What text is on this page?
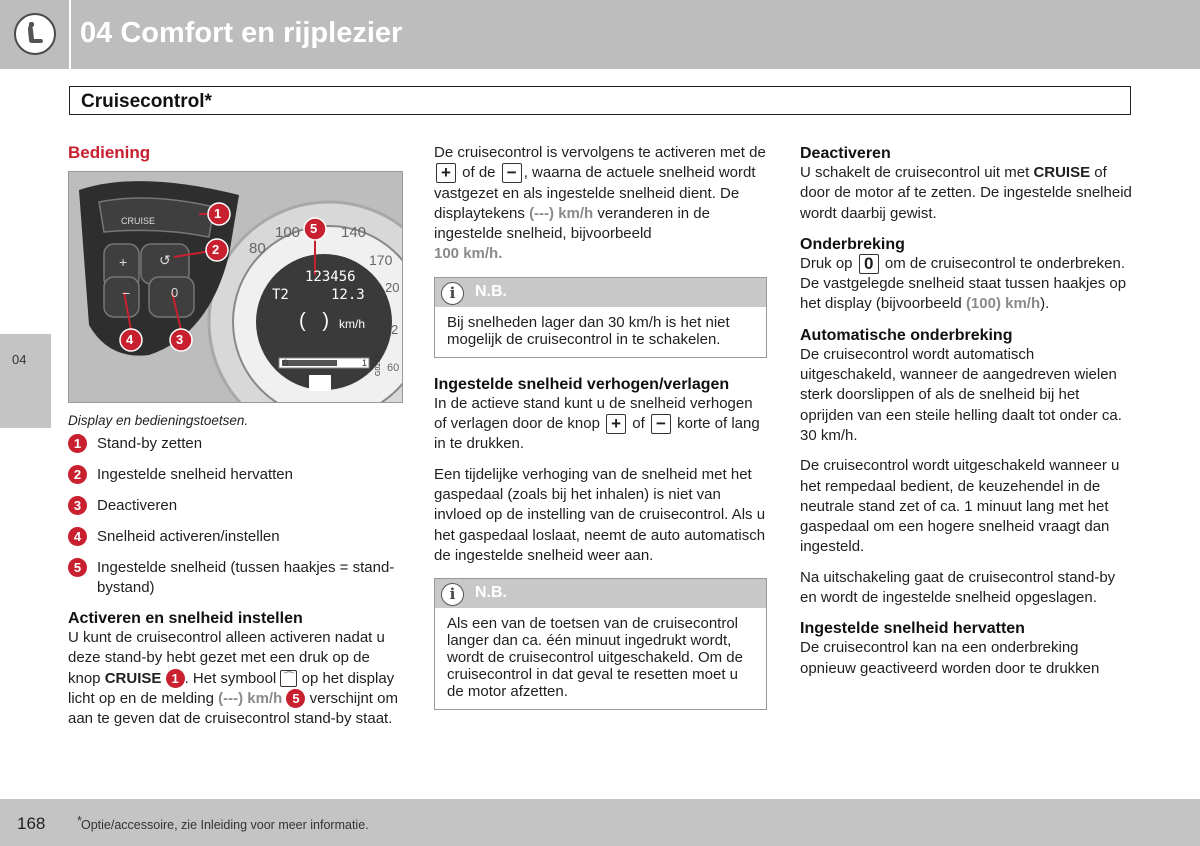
04 Comfort en rijplezier
Cruisecontrol*
04
Bediening
CRUISE
+ ↺
−	0
80
100	140
170
20
2
60
123456
T2	12.3
(   ) km/h
0	1 G021411
1
2
3
4
5
Display en bedieningstoetsen.
1	Stand-by zetten
2	Ingestelde snelheid hervatten
3	Deactiveren
4	Snelheid activeren/instellen
5	Ingestelde snelheid (tussen haakjes = stand-bystand)
Activeren en snelheid instellen
U kunt de cruisecontrol alleen activeren nadat u deze stand-by hebt gezet met een druk op de knop CRUISE 1 . Het symbool ⌒ op het display licht op en de melding (---) km/h 5 verschijnt om aan te geven dat de cruisecontrol stand-by staat.
De cruisecontrol is vervolgens te activeren met de + of de − , waarna de actuele snelheid wordt vastgezet en als ingestelde snelheid dient. De displaytekens (---) km/h veranderen in de ingestelde snelheid, bijvoorbeeld
100 km/h.
i	N.B.
Bij snelheden lager dan 30 km/h is het niet mogelijk de cruisecontrol in te schakelen.
Ingestelde snelheid verhogen/verlagen
In de actieve stand kunt u de snelheid verhogen of verlagen door de knop + of − korte of lang in te drukken.
Een tijdelijke verhoging van de snelheid met het gaspedaal (zoals bij het inhalen) is niet van invloed op de instelling van de cruisecontrol. Als u het gaspedaal loslaat, neemt de auto automatisch de ingestelde snelheid weer aan.
i	N.B.
Als een van de toetsen van de cruisecontrol langer dan ca. één minuut ingedrukt wordt, wordt de cruisecontrol uitgeschakeld. Om de cruisecontrol in dat geval te resetten moet u de motor afzetten.
Deactiveren
U schakelt de cruisecontrol uit met CRUISE of door de motor af te zetten. De ingestelde snelheid wordt daarbij gewist.
Onderbreking
Druk op 0 om de cruisecontrol te onderbreken. De vastgelegde snelheid staat tussen haakjes op het display (bijvoorbeeld (100) km/h).
Automatische onderbreking
De cruisecontrol wordt automatisch uitgeschakeld, wanneer de aangedreven wielen sterk doorslippen of als de snelheid bij het oprijden van een steile helling daalt tot onder ca. 30 km/h.
De cruisecontrol wordt uitgeschakeld wanneer u het rempedaal bedient, de keuzehendel in de neutrale stand zet of ca. 1 minuut lang met het gaspedaal om een hogere snelheid vraagt dan ingesteld.
Na uitschakeling gaat de cruisecontrol stand-by en wordt de ingestelde snelheid opgeslagen.
Ingestelde snelheid hervatten
De cruisecontrol kan na een onderbreking opnieuw geactiveerd worden door te drukken
168 *
Optie/accessoire, zie Inleiding voor meer informatie.
